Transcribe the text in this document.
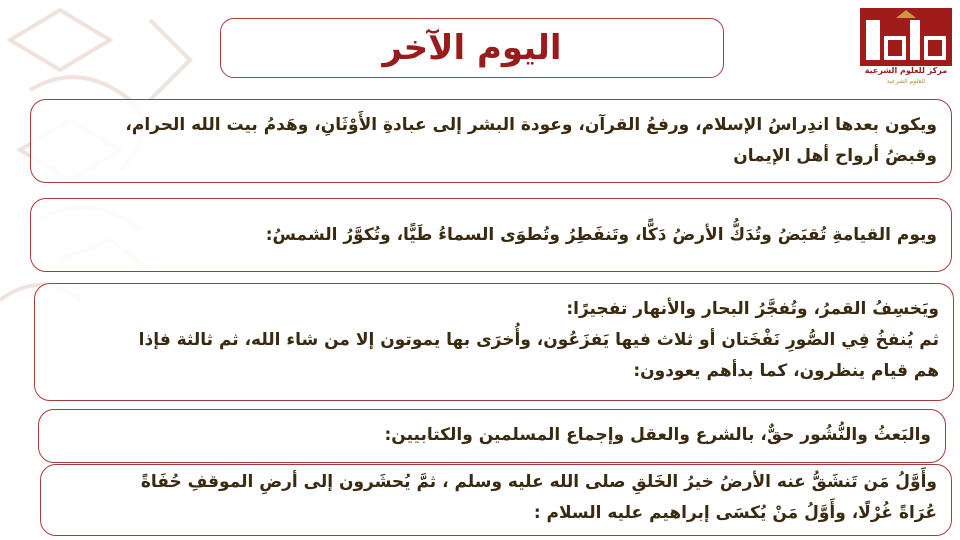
مركز للعلوم الشرعية
للعلوم الشرعية
اليوم الآخر

ويكون بعدها اندِراسُ الإسلام، ورفعُ القرآن، وعودة البشر إلى عبادةِ الأَوْثَانِ، وهَدمُ بيت الله الحرام،

وقبضُ أرواح أهل الإيمان

ويوم القيامةِ تُقبَضُ وتُدَكُّ الأرضُ دَكًّا، وتَنفَطِرُ وتُطوَى السماءُ طَيًّا، وتُكوَّرُ الشمسُ:

ويَخسِفُ القمرُ، وتُفجَّرُ البحار والأنهار تفجيرًا:

ثم يُنفخُ فِي الصُّورِ نَفْخَتان أو ثلاث فيها يَفزَعُون، وأُخرَى بها يموتون إلا من شاء الله، ثم ثالثة فإذا

هم قيام ينظرون، كما بدأهم يعودون:

والبَعثُ والنُّشُور حقٌّ، بالشرع والعقل وإجماع المسلمين والكتابيين:

وأَوَّلُ مَن تَنشَقُّ عنه الأرضُ خيرُ الخَلقِ صلى الله عليه وسلم ، ثمَّ يُحشَرون إلى أرضِ الموقفِ حُفَاةً

عُرَاةً غُرْلًا، وأَوَّلُ مَنْ يُكسَى إبراهيم عليه السلام :
